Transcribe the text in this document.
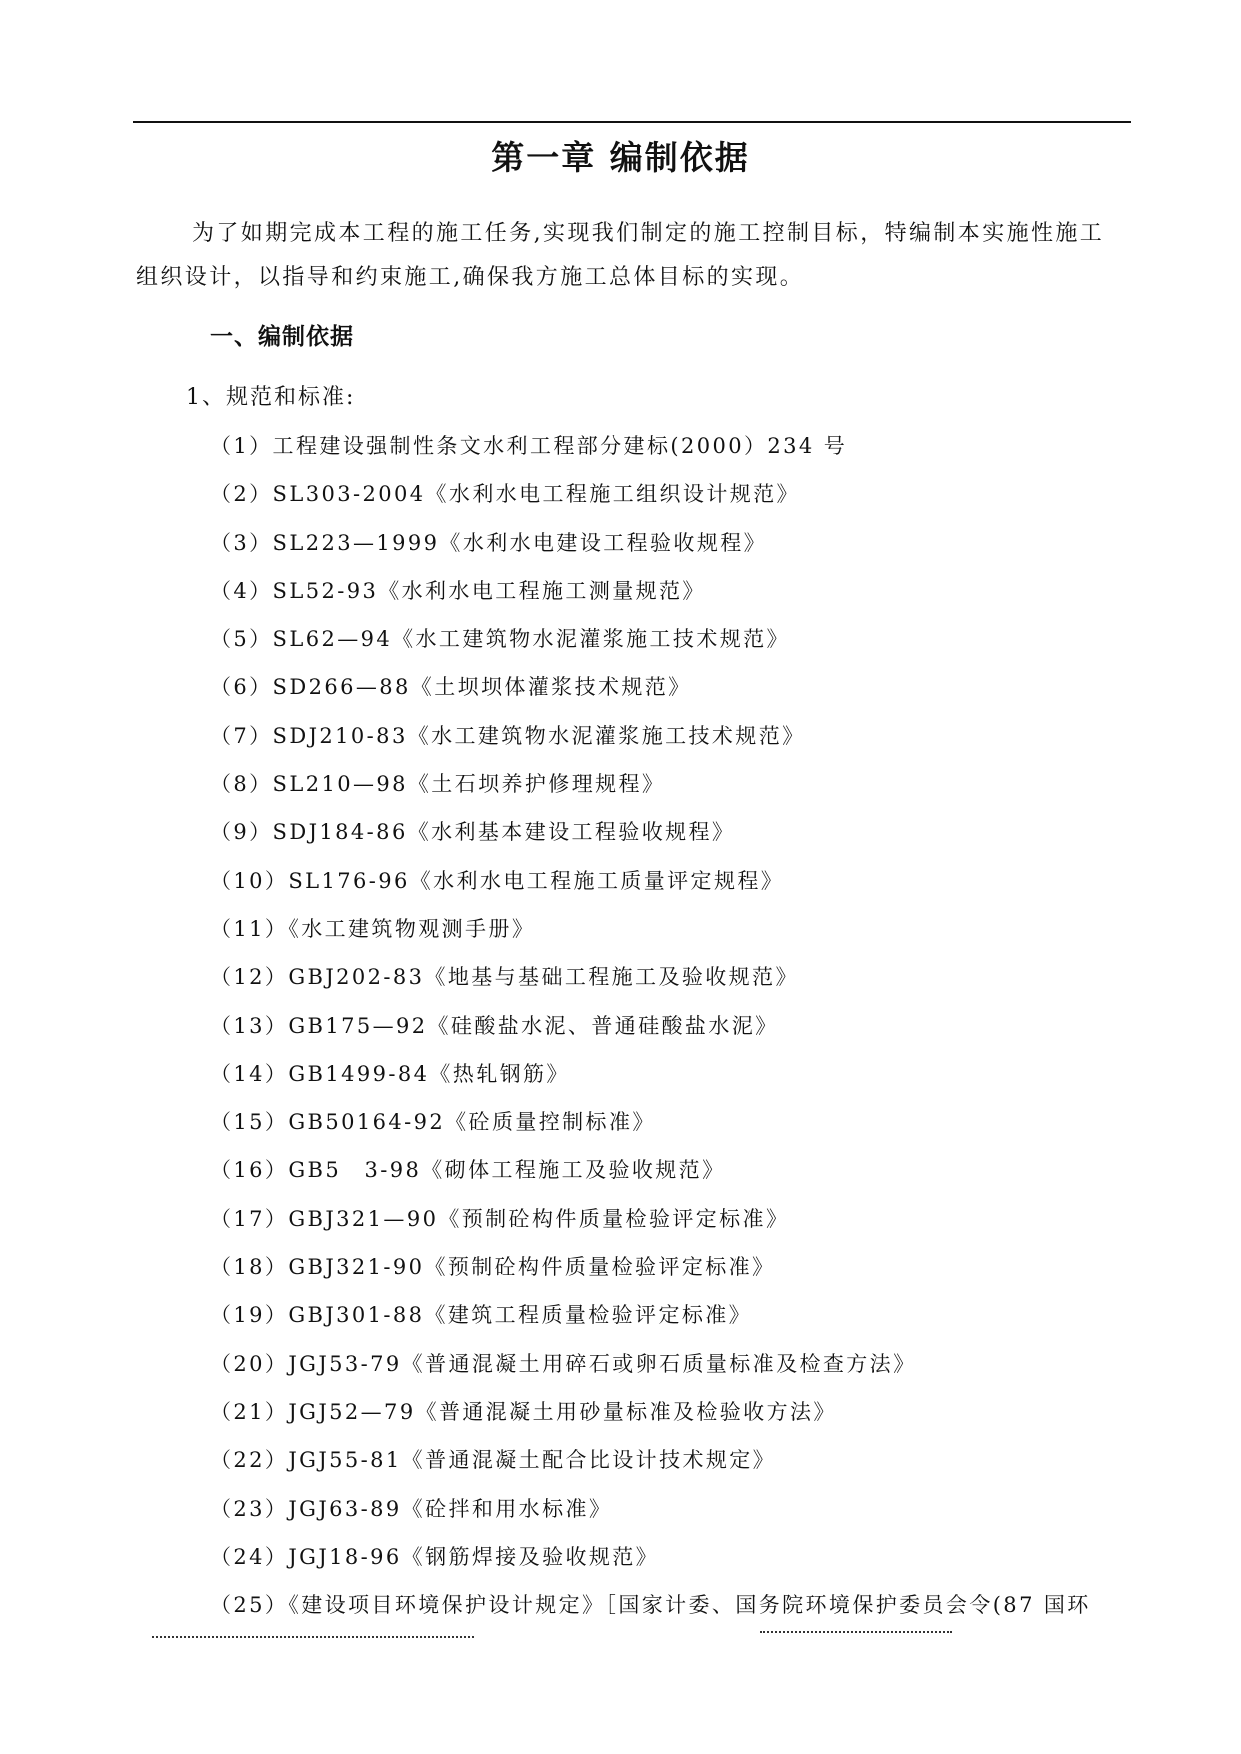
第一章 编制依据
为了如期完成本工程的施工任务,实现我们制定的施工控制目标，特编制本实施性施工
组织设计，以指导和约束施工,确保我方施工总体目标的实现。
一、编制依据
1、规范和标准:
（1）工程建设强制性条文水利工程部分建标(2000）234 号
（2）SL303-2004《水利水电工程施工组织设计规范》
（3）SL223—1999《水利水电建设工程验收规程》
（4）SL52-93《水利水电工程施工测量规范》
（5）SL62—94《水工建筑物水泥灌浆施工技术规范》
（6）SD266—88《土坝坝体灌浆技术规范》
（7）SDJ210-83《水工建筑物水泥灌浆施工技术规范》
（8）SL210—98《土石坝养护修理规程》
（9）SDJ184-86《水利基本建设工程验收规程》
（10）SL176-96《水利水电工程施工质量评定规程》
（11）《水工建筑物观测手册》
（12）GBJ202-83《地基与基础工程施工及验收规范》
（13）GB175—92《硅酸盐水泥、普通硅酸盐水泥》
（14）GB1499-84《热轧钢筋》
（15）GB50164-92《砼质量控制标准》
（16）GB5　3-98《砌体工程施工及验收规范》
（17）GBJ321—90《预制砼构件质量检验评定标准》
（18）GBJ321-90《预制砼构件质量检验评定标准》
（19）GBJ301-88《建筑工程质量检验评定标准》
（20）JGJ53-79《普通混凝土用碎石或卵石质量标准及检查方法》
（21）JGJ52—79《普通混凝土用砂量标准及检验收方法》
（22）JGJ55-81《普通混凝土配合比设计技术规定》
（23）JGJ63-89《砼拌和用水标准》
（24）JGJ18-96《钢筋焊接及验收规范》
（25）《建设项目环境保护设计规定》［国家计委、国务院环境保护委员会令(87 国环
